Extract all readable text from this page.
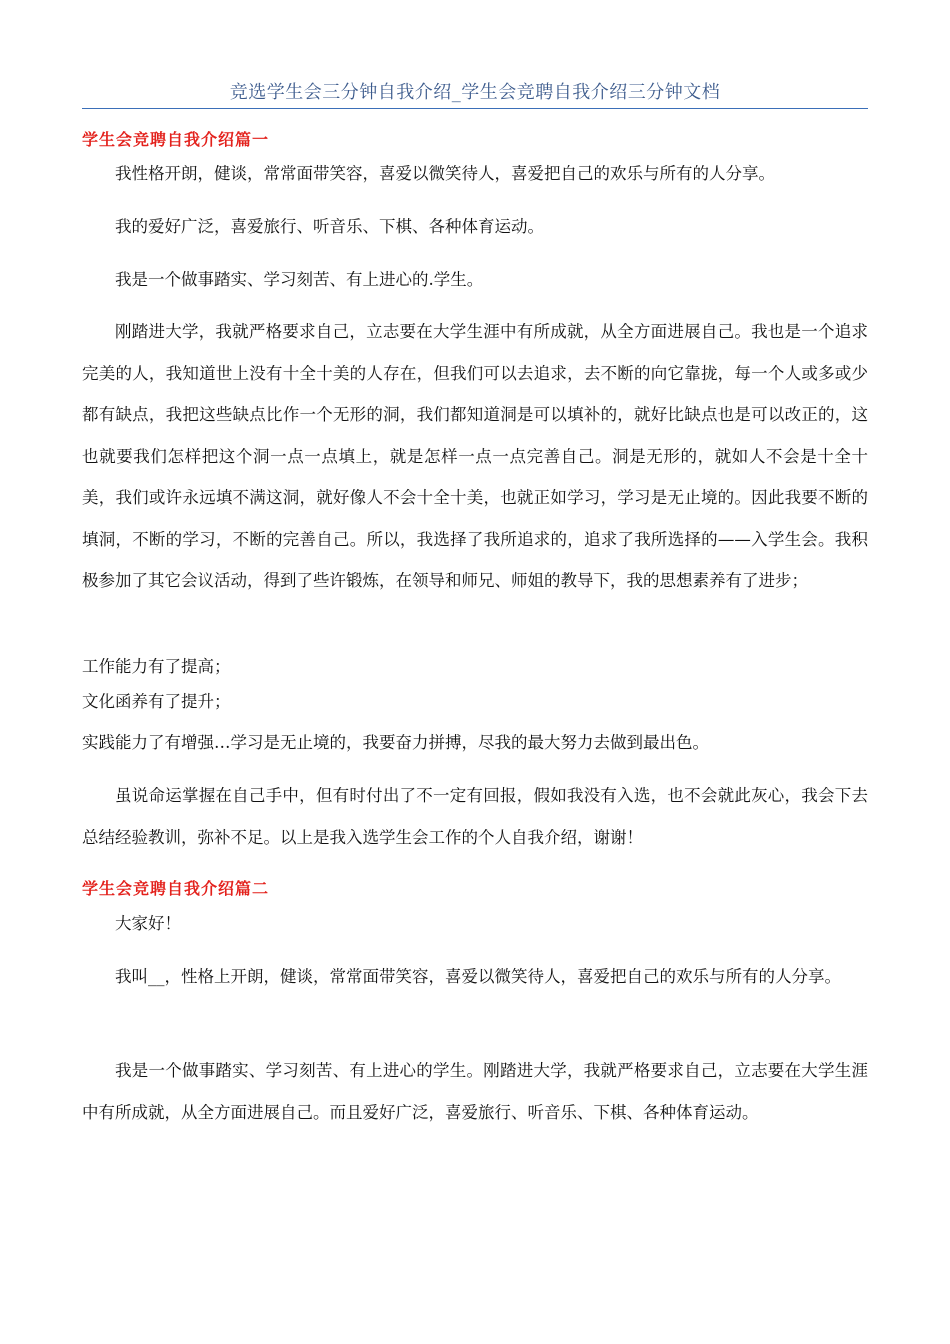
竞选学生会三分钟自我介绍_学生会竞聘自我介绍三分钟文档
学生会竞聘自我介绍篇一

我性格开朗，健谈，常常面带笑容，喜爱以微笑待人，喜爱把自己的欢乐与所有的人分享。

我的爱好广泛，喜爱旅行、听音乐、下棋、各种体育运动。

我是一个做事踏实、学习刻苦、有上进心的.学生。

刚踏进大学，我就严格要求自己，立志要在大学生涯中有所成就，从全方面进展自己。我也是一个追求完美的人，我知道世上没有十全十美的人存在，但我们可以去追求，去不断的向它靠拢，每一个人或多或少都有缺点，我把这些缺点比作一个无形的洞，我们都知道洞是可以填补的，就好比缺点也是可以改正的，这也就要我们怎样把这个洞一点一点填上，就是怎样一点一点完善自己。洞是无形的，就如人不会是十全十美，我们或许永远填不满这洞，就好像人不会十全十美，也就正如学习，学习是无止境的。因此我要不断的填洞，不断的学习，不断的完善自己。所以，我选择了我所追求的，追求了我所选择的——入学生会。我积极参加了其它会议活动，得到了些许锻炼，在领导和师兄、师姐的教导下，我的思想素养有了进步；

工作能力有了提高；

文化函养有了提升；

实践能力了有增强…学习是无止境的，我要奋力拼搏，尽我的最大努力去做到最出色。

虽说命运掌握在自己手中，但有时付出了不一定有回报，假如我没有入选，也不会就此灰心，我会下去总结经验教训，弥补不足。以上是我入选学生会工作的个人自我介绍，谢谢！

学生会竞聘自我介绍篇二

大家好！

我叫__，性格上开朗，健谈，常常面带笑容，喜爱以微笑待人，喜爱把自己的欢乐与所有的人分享。

我是一个做事踏实、学习刻苦、有上进心的学生。刚踏进大学，我就严格要求自己，立志要在大学生涯中有所成就，从全方面进展自己。而且爱好广泛，喜爱旅行、听音乐、下棋、各种体育运动。
